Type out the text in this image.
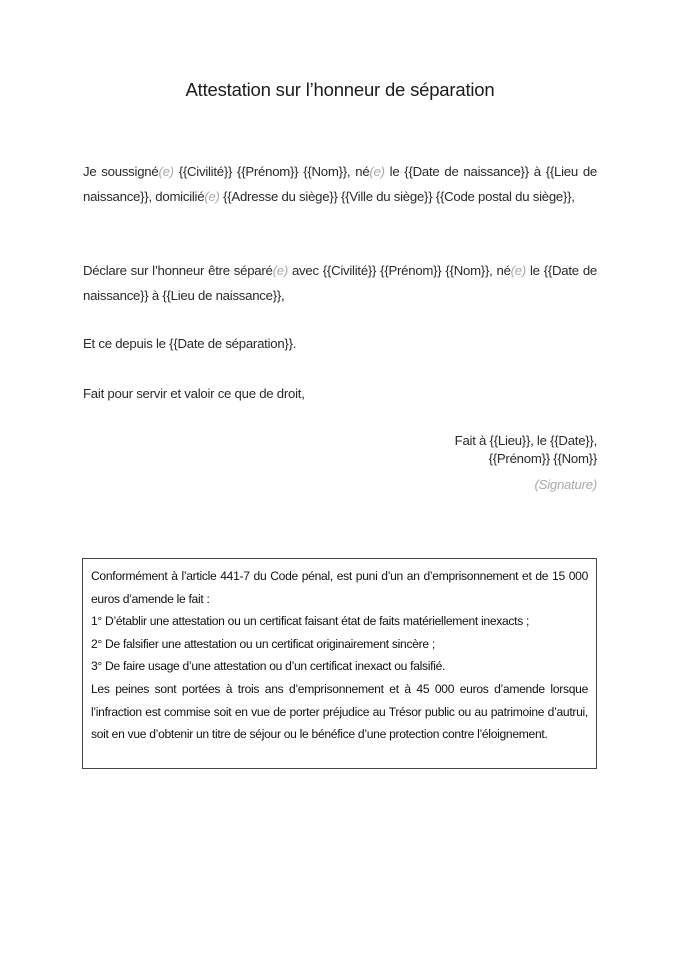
Attestation sur l’honneur de séparation
Je soussigné(e) {{Civilité}} {{Prénom}} {{Nom}}, né(e) le {{Date de naissance}} à {{Lieu de naissance}}, domicilié(e) {{Adresse du siège}} {{Ville du siège}} {{Code postal du siège}},
Déclare sur l’honneur être séparé(e) avec {{Civilité}} {{Prénom}} {{Nom}}, né(e) le {{Date de naissance}} à {{Lieu de naissance}},
Et ce depuis le {{Date de séparation}}.
Fait pour servir et valoir ce que de droit,
Fait à {{Lieu}}, le {{Date}},
{{Prénom}} {{Nom}}
(Signature)

Conformément à l’article 441-7 du Code pénal, est puni d’un an d’emprisonnement et de 15 000 euros d’amende le fait :

1° D’établir une attestation ou un certificat faisant état de faits matériellement inexacts ;

2° De falsifier une attestation ou un certificat originairement sincère ;

3° De faire usage d’une attestation ou d’un certificat inexact ou falsifié.

Les peines sont portées à trois ans d’emprisonnement et à 45 000 euros d’amende lorsque l’infraction est commise soit en vue de porter préjudice au Trésor public ou au patrimoine d’autrui, soit en vue d’obtenir un titre de séjour ou le bénéfice d’une protection contre l’éloignement.
